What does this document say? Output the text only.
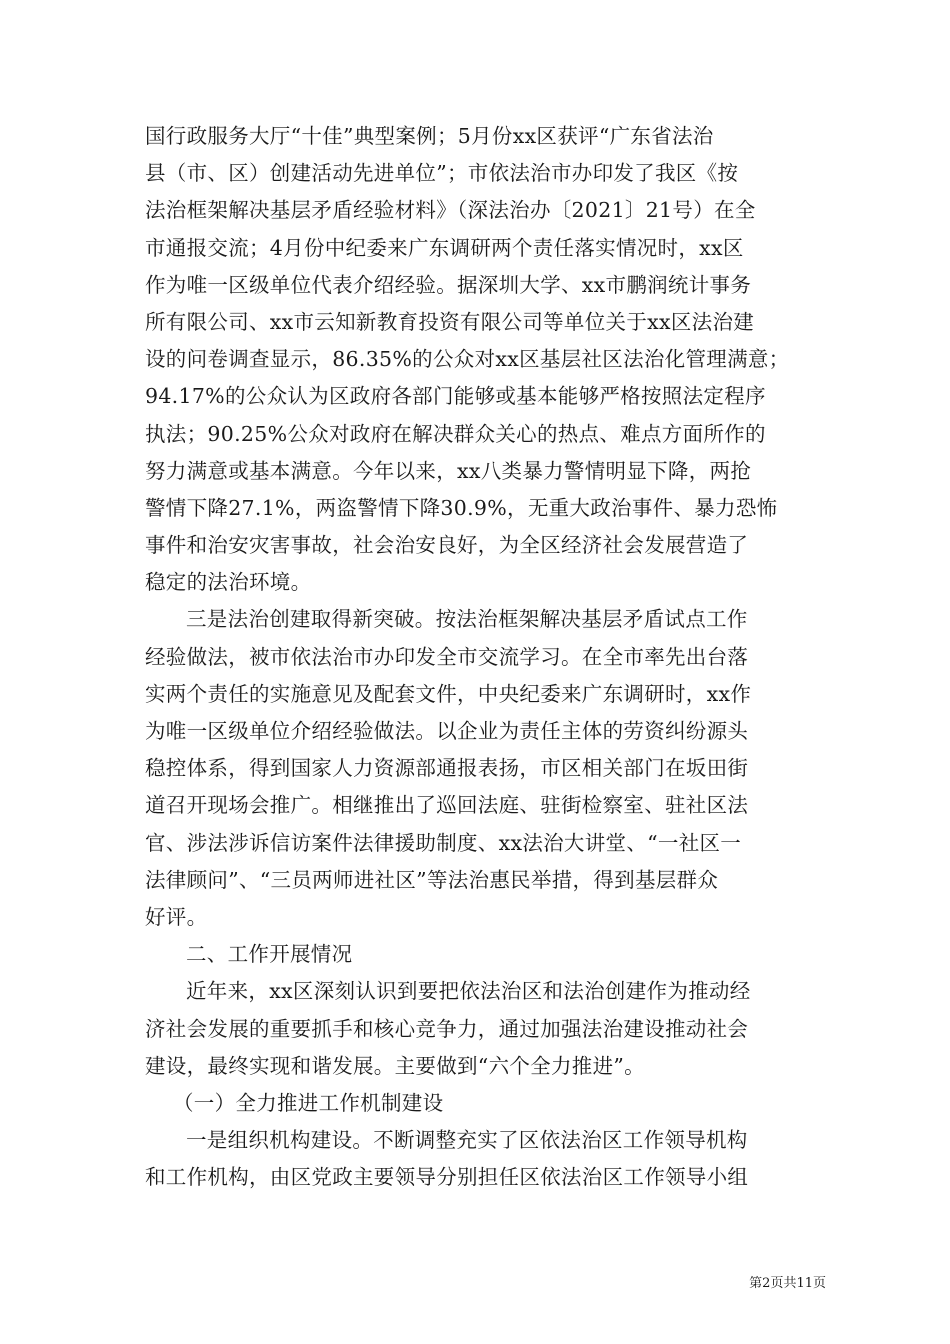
国行政服务大厅“十佳”典型案例；5月份xx区获评“广东省法治
县（市、区）创建活动先进单位”；市依法治市办印发了我区《按
法治框架解决基层矛盾经验材料》（深法治办〔2021〕21号）在全
市通报交流；4月份中纪委来广东调研两个责任落实情况时，xx区
作为唯一区级单位代表介绍经验。据深圳大学、xx市鹏润统计事务
所有限公司、xx市云知新教育投资有限公司等单位关于xx区法治建
设的问卷调查显示，86.35%的公众对xx区基层社区法治化管理满意；
94.17%的公众认为区政府各部门能够或基本能够严格按照法定程序
执法；90.25%公众对政府在解决群众关心的热点、难点方面所作的
努力满意或基本满意。今年以来，xx八类暴力警情明显下降，两抢
警情下降27.1%，两盗警情下降30.9%，无重大政治事件、暴力恐怖
事件和治安灾害事故，社会治安良好，为全区经济社会发展营造了
稳定的法治环境。
三是法治创建取得新突破。按法治框架解决基层矛盾试点工作
经验做法，被市依法治市办印发全市交流学习。在全市率先出台落
实两个责任的实施意见及配套文件，中央纪委来广东调研时，xx作
为唯一区级单位介绍经验做法。以企业为责任主体的劳资纠纷源头
稳控体系，得到国家人力资源部通报表扬，市区相关部门在坂田街
道召开现场会推广。相继推出了巡回法庭、驻街检察室、驻社区法
官、涉法涉诉信访案件法律援助制度、xx法治大讲堂、“一社区一
法律顾问”、“三员两师进社区”等法治惠民举措，得到基层群众
好评。
二、工作开展情况
近年来，xx区深刻认识到要把依法治区和法治创建作为推动经
济社会发展的重要抓手和核心竞争力，通过加强法治建设推动社会
建设，最终实现和谐发展。主要做到“六个全力推进”。
（一）全力推进工作机制建设
一是组织机构建设。不断调整充实了区依法治区工作领导机构
和工作机构，由区党政主要领导分别担任区依法治区工作领导小组
第2页共11页
